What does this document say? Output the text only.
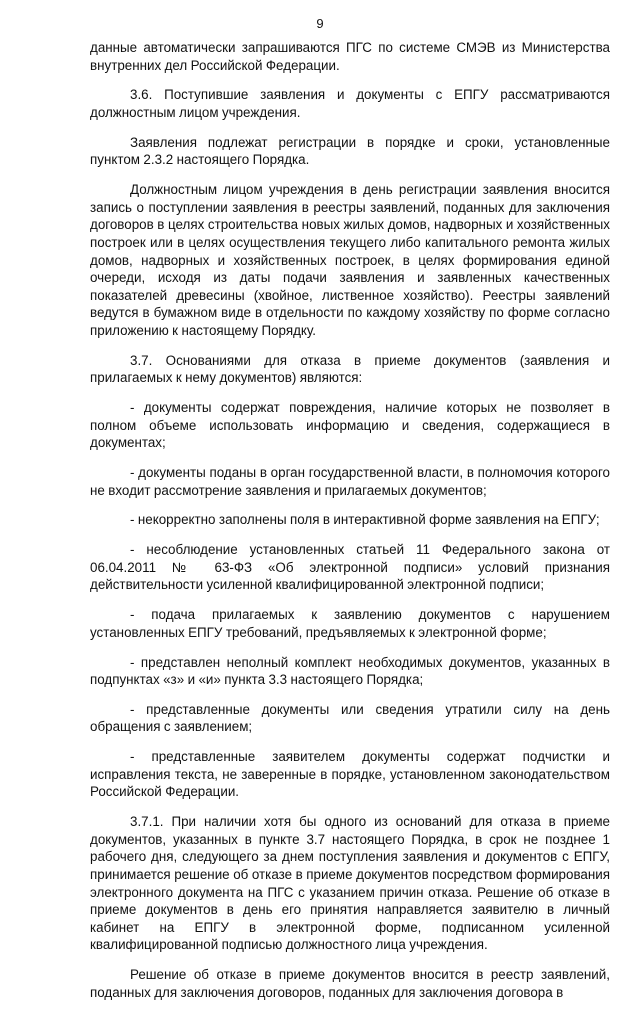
9

данные автоматически запрашиваются ПГС по системе СМЭВ из Министерства внутренних дел Российской Федерации.

3.6. Поступившие заявления и документы с ЕПГУ рассматриваются должностным лицом учреждения.

Заявления подлежат регистрации в порядке и сроки, установленные пунктом 2.3.2 настоящего Порядка.

Должностным лицом учреждения в день регистрации заявления вносится запись о поступлении заявления в реестры заявлений, поданных для заключения договоров в целях строительства новых жилых домов, надворных и хозяйственных построек или в целях осуществления текущего либо капитального ремонта жилых домов, надворных и хозяйственных построек, в целях формирования единой очереди, исходя из даты подачи заявления и заявленных качественных показателей древесины (хвойное, лиственное хозяйство). Реестры заявлений ведутся в бумажном виде в отдельности по каждому хозяйству по форме согласно приложению к настоящему Порядку.

3.7. Основаниями для отказа в приеме документов (заявления и прилагаемых к нему документов) являются:

- документы содержат повреждения, наличие которых не позволяет в полном объеме использовать информацию и сведения, содержащиеся в документах;

- документы поданы в орган государственной власти, в полномочия которого не входит рассмотрение заявления и прилагаемых документов;

- некорректно заполнены поля в интерактивной форме заявления на ЕПГУ;

- несоблюдение установленных статьей 11 Федерального закона от 06.04.2011 № 63-ФЗ «Об электронной подписи» условий признания действительности усиленной квалифицированной электронной подписи;

- подача прилагаемых к заявлению документов с нарушением установленных ЕПГУ требований, предъявляемых к электронной форме;

- представлен неполный комплект необходимых документов, указанных в подпунктах «з» и «и» пункта 3.3 настоящего Порядка;

- представленные документы или сведения утратили силу на день обращения с заявлением;

- представленные заявителем документы содержат подчистки и исправления текста, не заверенные в порядке, установленном законодательством Российской Федерации.

3.7.1. При наличии хотя бы одного из оснований для отказа в приеме документов, указанных в пункте 3.7 настоящего Порядка, в срок не позднее 1 рабочего дня, следующего за днем поступления заявления и документов с ЕПГУ, принимается решение об отказе в приеме документов посредством формирования электронного документа на ПГС с указанием причин отказа. Решение об отказе в приеме документов в день его принятия направляется заявителю в личный кабинет на ЕПГУ в электронной форме, подписанном усиленной квалифицированной подписью должностного лица учреждения.

Решение об отказе в приеме документов вносится в реестр заявлений, поданных для заключения договоров, поданных для заключения договора в
